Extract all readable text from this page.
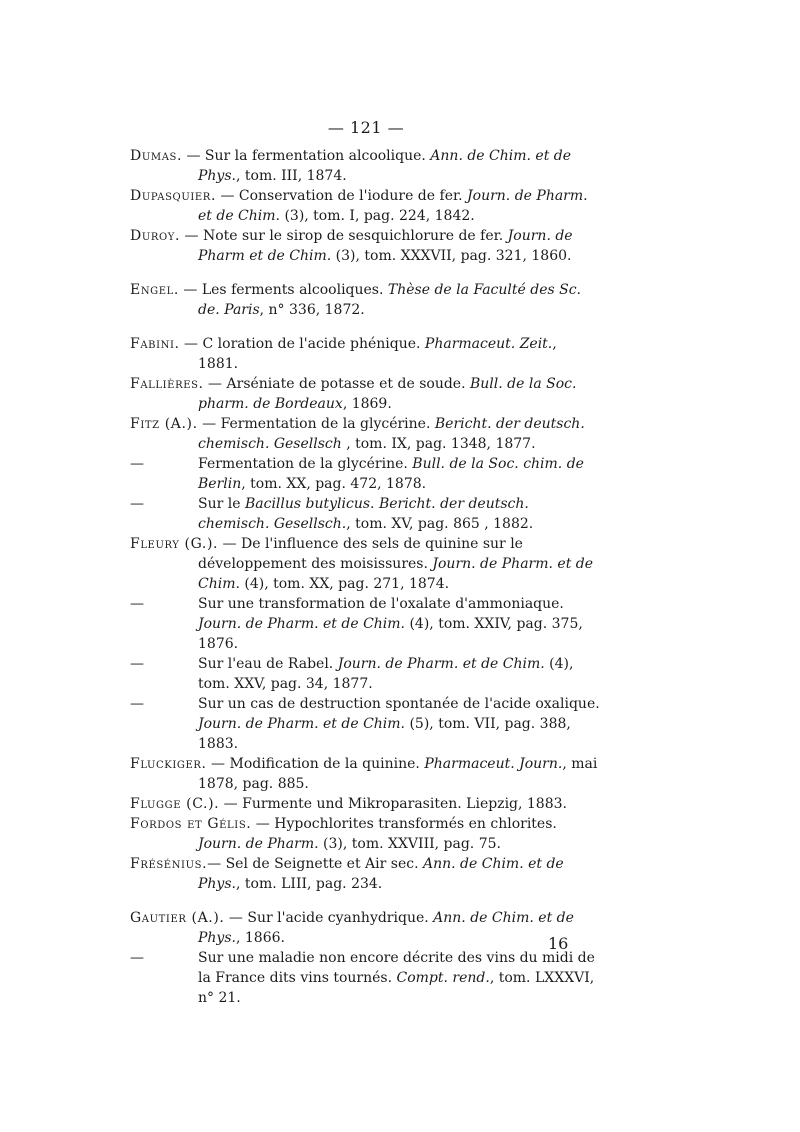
— 121 —
Dumas. — Sur la fermentation alcoolique. Ann. de Chim. et de Phys., tom. III, 1874.
Dupasquier. — Conservation de l'iodure de fer. Journ. de Pharm. et de Chim. (3), tom. I, pag. 224, 1842.
Duroy. — Note sur le sirop de sesquichlorure de fer. Journ. de Pharm et de Chim. (3), tom. XXXVII, pag. 321, 1860.
Engel. — Les ferments alcooliques. Thèse de la Faculté des Sc. de. Paris, n° 336, 1872.
Fabini. — C loration de l'acide phénique. Pharmaceut. Zeit., 1881.
Fallières. — Arséniate de potasse et de soude. Bull. de la Soc. pharm. de Bordeaux, 1869.
Fitz (A.). — Fermentation de la glycérine. Bericht. der deutsch. chemisch. Gesellsch , tom. IX, pag. 1348, 1877.
—	Fermentation de la glycérine. Bull. de la Soc. chim. de Berlin, tom. XX, pag. 472, 1878.
—	Sur le Bacillus butylicus. Bericht. der deutsch. chemisch. Gesellsch., tom. XV, pag. 865 , 1882.
Fleury (G.). — De l'influence des sels de quinine sur le développement des moisissures. Journ. de Pharm. et de Chim. (4), tom. XX, pag. 271, 1874.
—	Sur une transformation de l'oxalate d'ammoniaque. Journ. de Pharm. et de Chim. (4), tom. XXIV, pag. 375, 1876.
—	Sur l'eau de Rabel. Journ. de Pharm. et de Chim. (4), tom. XXV, pag. 34, 1877.
—	Sur un cas de destruction spontanée de l'acide oxalique. Journ. de Pharm. et de Chim. (5), tom. VII, pag. 388, 1883.
Fluckiger. — Modification de la quinine. Pharmaceut. Journ., mai 1878, pag. 885.
Flugge (C.). — Furmente und Mikroparasiten. Liepzig, 1883.
Fordos et Gélis. — Hypochlorites transformés en chlorites. Journ. de Pharm. (3), tom. XXVIII, pag. 75.
Frésénius.— Sel de Seignette et Air sec. Ann. de Chim. et de Phys., tom. LIII, pag. 234.
Gautier (A.). — Sur l'acide cyanhydrique. Ann. de Chim. et de Phys., 1866.
—	Sur une maladie non encore décrite des vins du midi de la France dits vins tournés. Compt. rend., tom. LXXXVI, n° 21.
16
